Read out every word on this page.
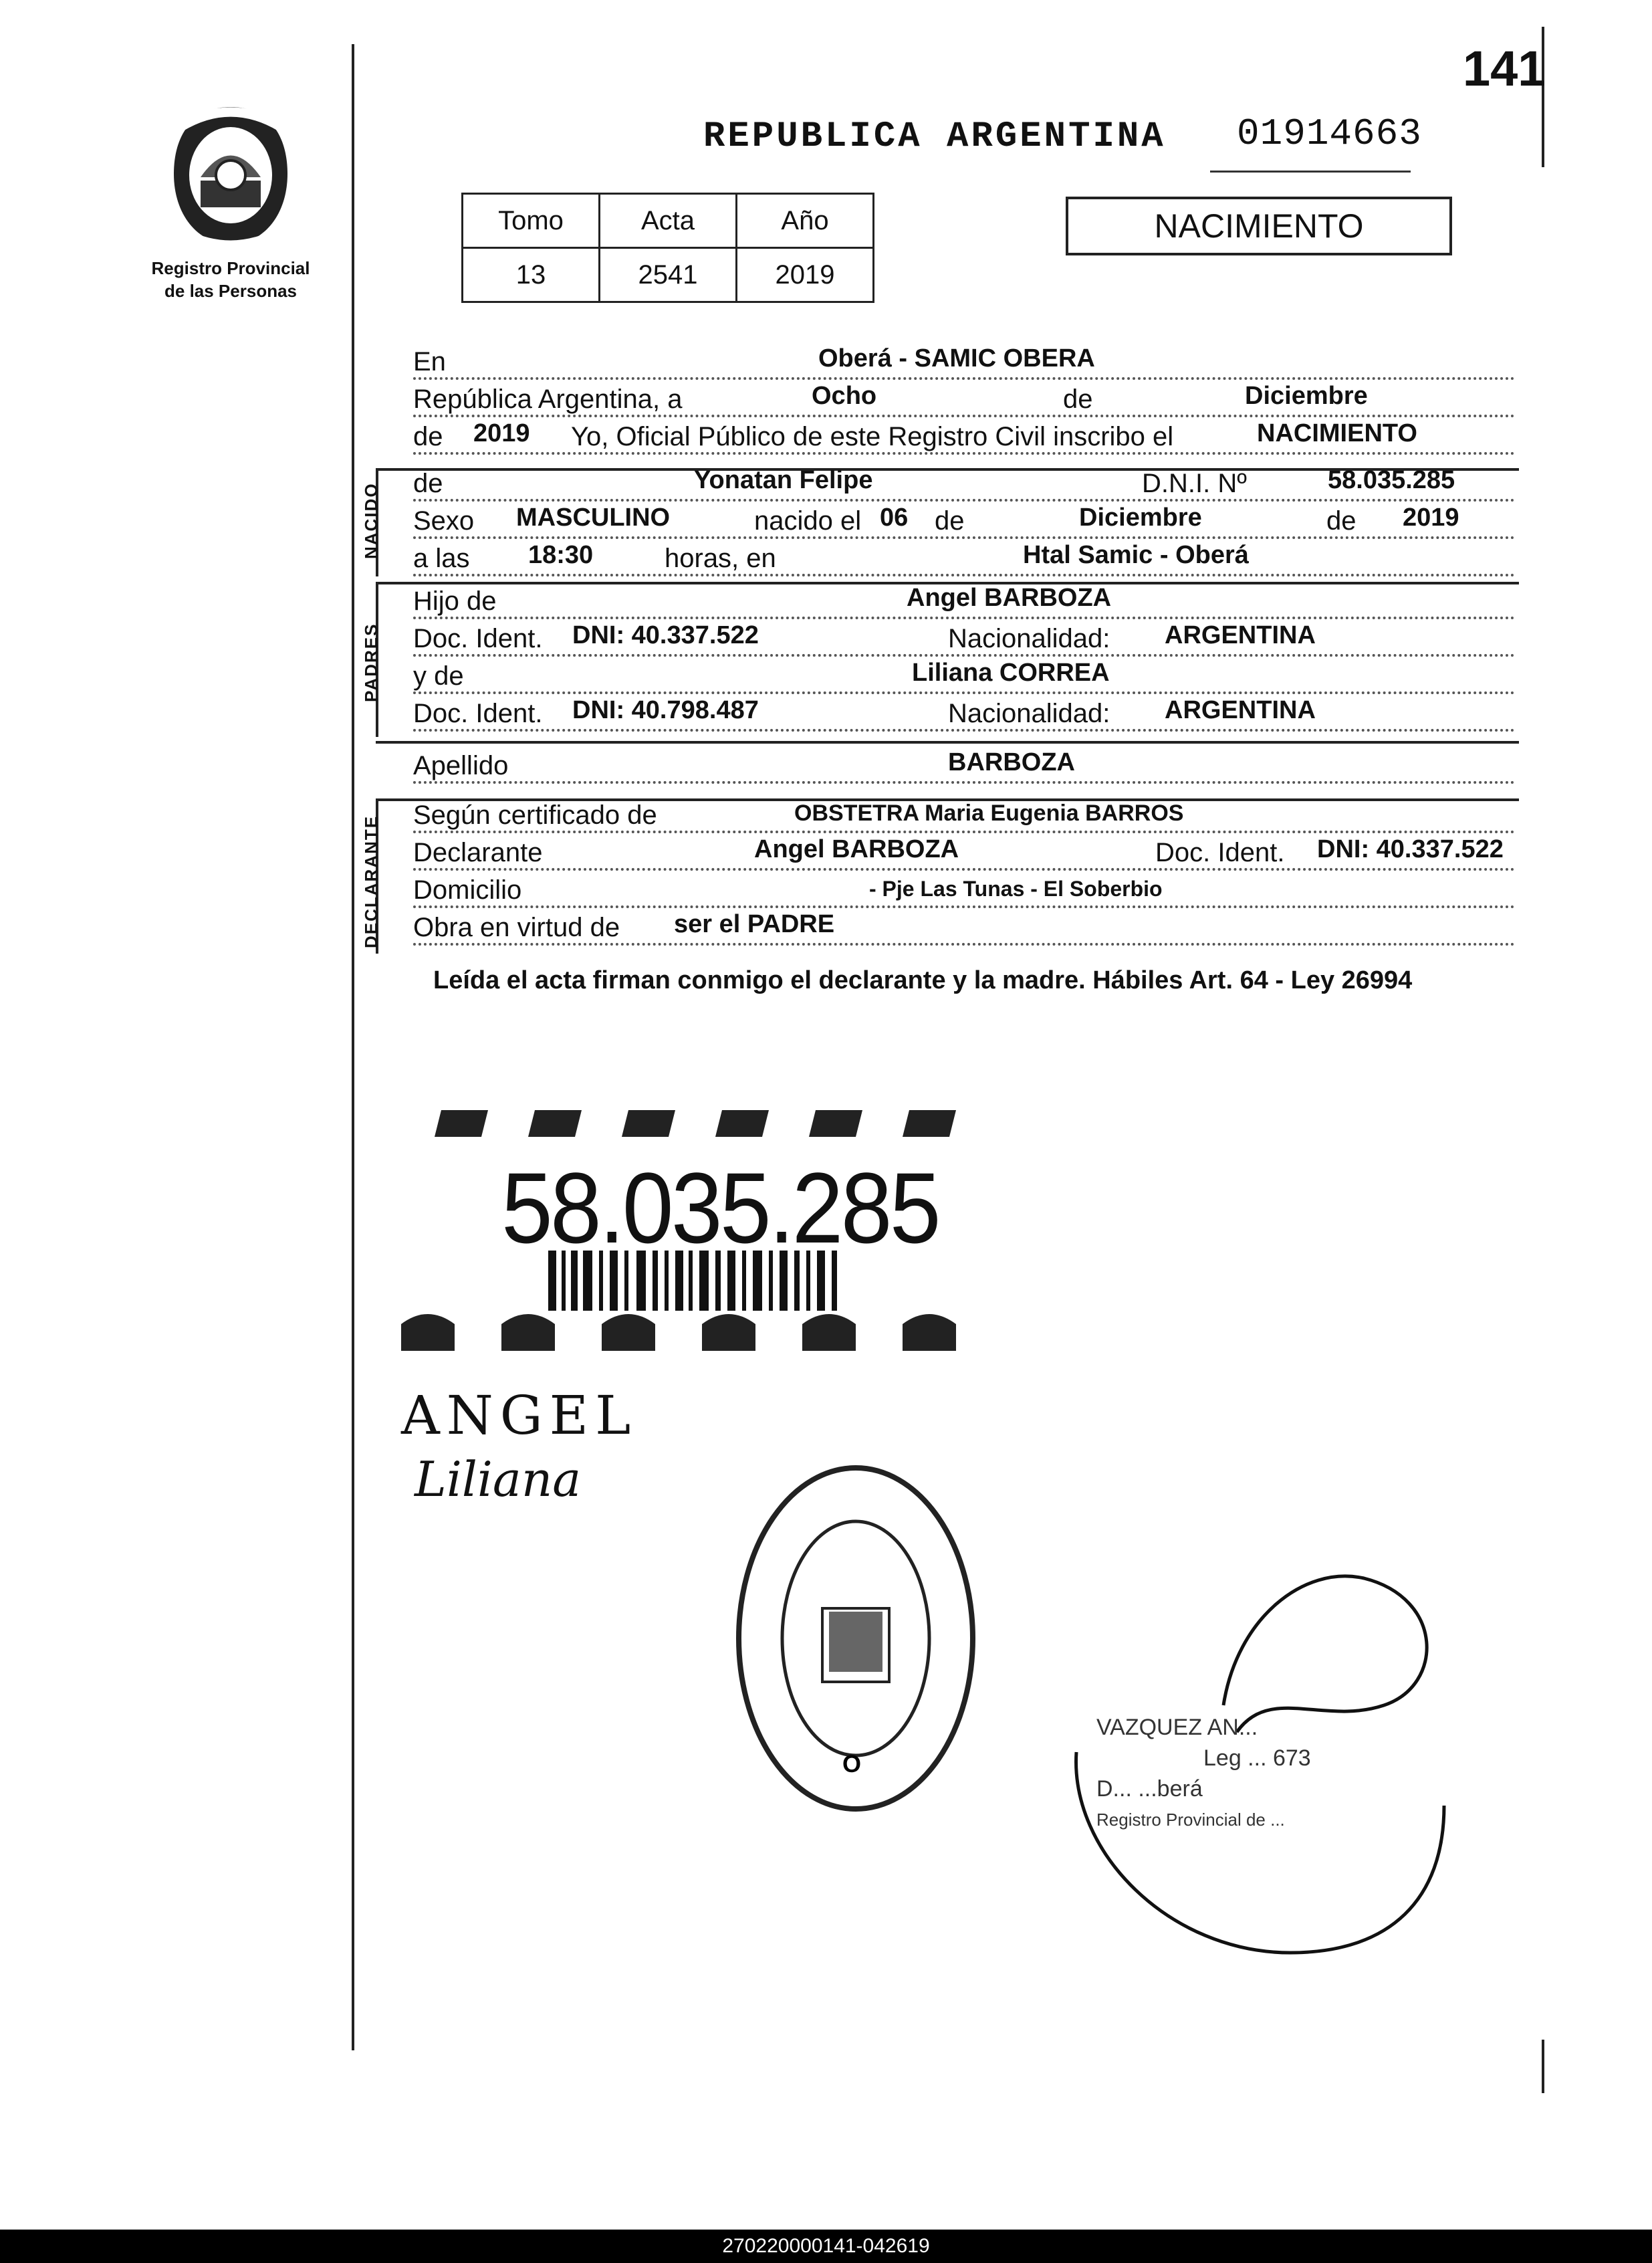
141
01914663
Registro Provincial
de las Personas
REPUBLICA ARGENTINA
Tomo	Acta	Año
13	2541	2019
NACIMIENTO
En	Oberá - SAMIC OBERA
República Argentina, a	Ocho	de	Diciembre
de 2019 Yo, Oficial Público de este Registro Civil inscribo el	NACIMIENTO
NACIDO de	Yonatan Felipe	D.N.I. Nº	58.035.285
Sexo MASCULINO	nacido el 06 de	Diciembre	de 2019
a las 18:30	horas, en	Htal Samic - Oberá
PADRES
Hijo de	Angel BARBOZA
Doc. Ident. DNI: 40.337.522	Nacionalidad: ARGENTINA
y de	Liliana CORREA
Doc. Ident. DNI: 40.798.487	Nacionalidad: ARGENTINA
Apellido	BARBOZA
DECLARANTE Según certificado de	OBSTETRA Maria Eugenia BARROS
Declarante	Angel BARBOZA	Doc. Ident. DNI: 40.337.522
Domicilio	- Pje Las Tunas - El Soberbio
Obra en virtud de ser el PADRE
Leída el acta firman conmigo el declarante y la madre. Hábiles Art. 64 - Ley 26994
58.035.285
ANGEL
Liliana
O
VAZQUEZ AN...
Leg ... 673
D... ...berá
Registro Provincial de ...
270220000141-042619
